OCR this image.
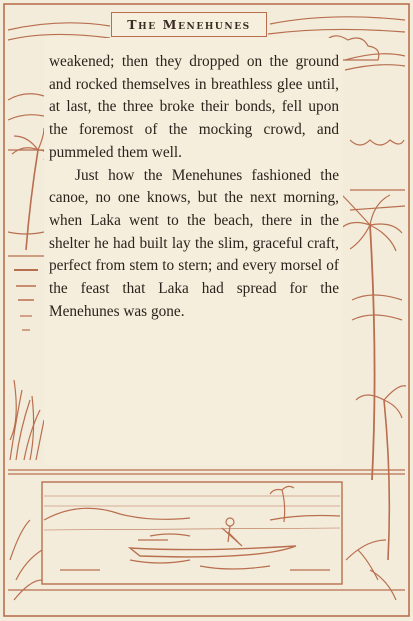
The Menehunes

weakened; then they dropped on the ground and rocked themselves in breathless glee until, at last, the three broke their bonds, fell upon the foremost of the mocking crowd, and pummeled them well.

Just how the Menehunes fashioned the canoe, no one knows, but the next morning, when Laka went to the beach, there in the shelter he had built lay the slim, graceful craft, perfect from stem to stern; and every morsel of the feast that Laka had spread for the Menehunes was gone.
